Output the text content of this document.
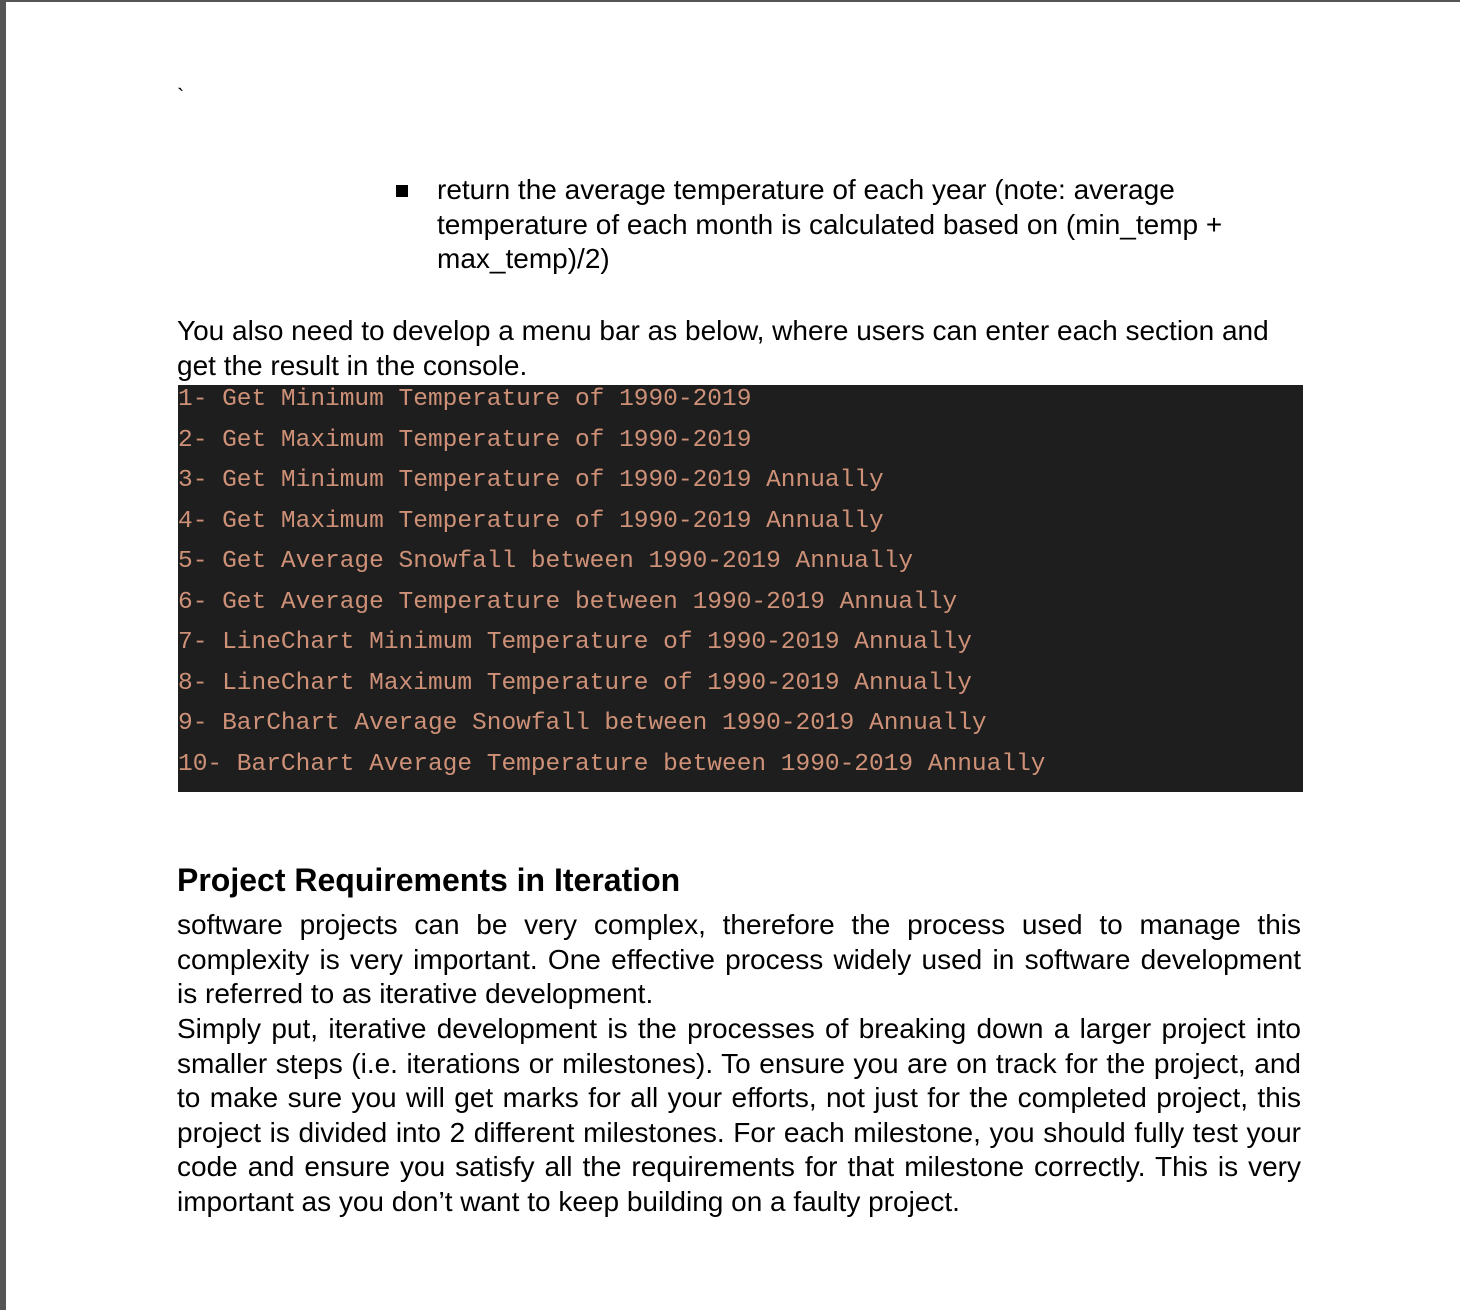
`
return the average temperature of each year (note: average temperature of each month is calculated based on (min_temp + max_temp)/2)
You also need to develop a menu bar as below, where users can enter each section and get the result in the console.
1- Get Minimum Temperature of 1990-2019
2- Get Maximum Temperature of 1990-2019
3- Get Minimum Temperature of 1990-2019 Annually
4- Get Maximum Temperature of 1990-2019 Annually
5- Get Average Snowfall between 1990-2019 Annually
6- Get Average Temperature between 1990-2019 Annually
7- LineChart Minimum Temperature of 1990-2019 Annually
8- LineChart Maximum Temperature of 1990-2019 Annually
9- BarChart Average Snowfall between 1990-2019 Annually
10- BarChart Average Temperature between 1990-2019 Annually
Project Requirements in Iteration
software projects can be very complex, therefore the process used to manage this complexity is very important. One effective process widely used in software development is referred to as iterative development.
Simply put, iterative development is the processes of breaking down a larger project into smaller steps (i.e. iterations or milestones). To ensure you are on track for the project, and to make sure you will get marks for all your efforts, not just for the completed project, this project is divided into 2 different milestones. For each milestone, you should fully test your code and ensure you satisfy all the requirements for that milestone correctly. This is very important as you don’t want to keep building on a faulty project.
